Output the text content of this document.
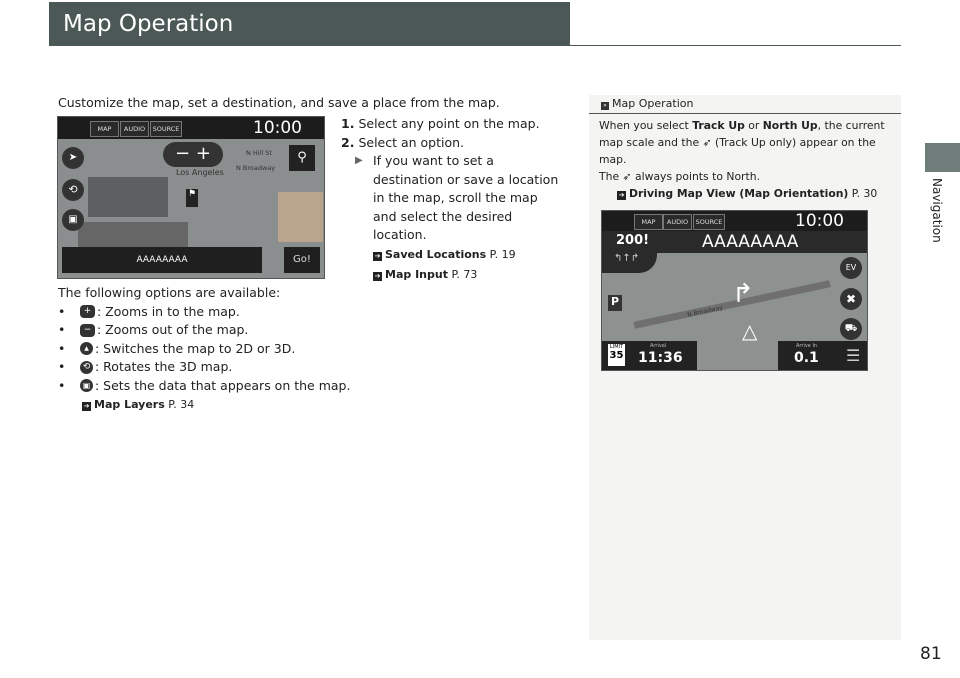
Map Operation
Customize the map, set a destination, and save a place from the map.
MAP	AUDIO	SOURCE	10:00
− +
Los Angeles
N Hill St
N Broadway
⚲
➤
⟲
▣
⚑
AAAAAAAA	Go!
1. Select any point on the map.
2. Select an option.
▶ If you want to set a destination or save a location in the map, scroll the map and select the desired location.
➔ Saved Locations P. 19
➔ Map Input P. 73
The following options are available:
•	+ : Zooms in to the map.
•	− : Zooms out of the map.
•	▲ : Switches the map to 2D or 3D.
•	⟲ : Rotates the 3D map.
•	▣ : Sets the data that appears on the map.
➔ Map Layers P. 34
» Map Operation
When you select Track Up or North Up, the current map scale and the ➶ (Track Up only) appear on the map.
The ➶ always points to North.
➔ Driving Map View (Map Orientation) P. 30
MAP	AUDIO	SOURCE	10:00
200!	AAAAAAAA
↰↑↱
N Broadway
↱
△
P
EV
✖
⛟
LIMIT
35
Arrival
11:36
Arrive In
0.1 ☰
Navigation
81
